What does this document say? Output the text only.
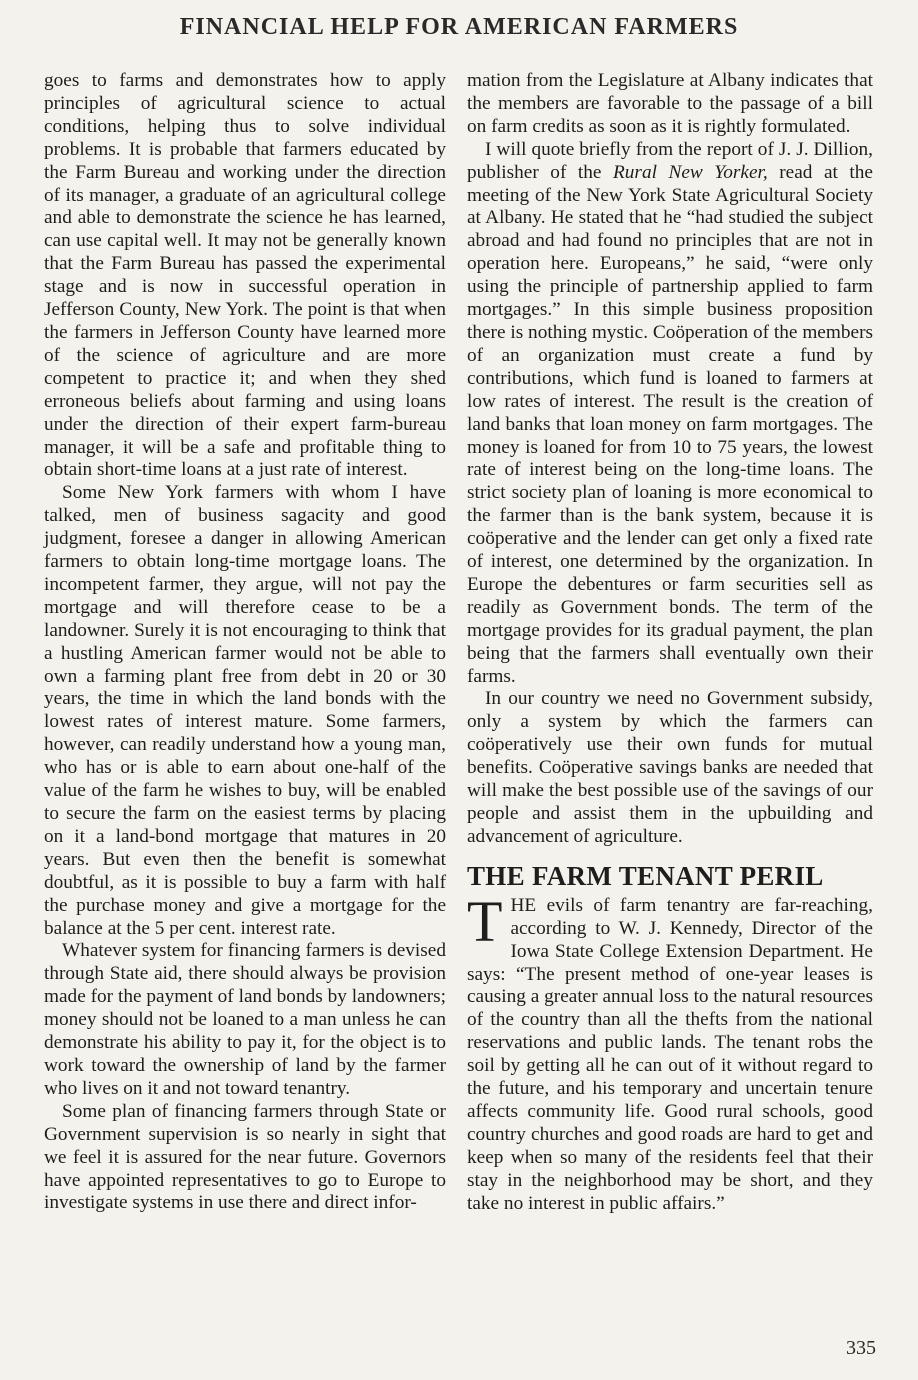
FINANCIAL HELP FOR AMERICAN FARMERS

goes to farms and demonstrates how to apply principles of agricultural science to actual conditions, helping thus to solve individual problems. It is probable that farmers educated by the Farm Bureau and working under the direction of its manager, a graduate of an agricultural college and able to demonstrate the science he has learned, can use capital well. It may not be generally known that the Farm Bureau has passed the experimental stage and is now in successful operation in Jefferson County, New York. The point is that when the farmers in Jefferson County have learned more of the science of agriculture and are more competent to practice it; and when they shed erroneous beliefs about farming and using loans under the direction of their expert farm-bureau manager, it will be a safe and profitable thing to obtain short-time loans at a just rate of interest.

Some New York farmers with whom I have talked, men of business sagacity and good judgment, foresee a danger in allowing American farmers to obtain long-time mortgage loans. The incompetent farmer, they argue, will not pay the mortgage and will therefore cease to be a landowner. Surely it is not encouraging to think that a hustling American farmer would not be able to own a farming plant free from debt in 20 or 30 years, the time in which the land bonds with the lowest rates of interest mature. Some farmers, however, can readily understand how a young man, who has or is able to earn about one-half of the value of the farm he wishes to buy, will be enabled to secure the farm on the easiest terms by placing on it a land-bond mortgage that matures in 20 years. But even then the benefit is somewhat doubtful, as it is possible to buy a farm with half the purchase money and give a mortgage for the balance at the 5 per cent. interest rate.

Whatever system for financing farmers is devised through State aid, there should always be provision made for the payment of land bonds by landowners; money should not be loaned to a man unless he can demonstrate his ability to pay it, for the object is to work toward the ownership of land by the farmer who lives on it and not toward tenantry.

Some plan of financing farmers through State or Government supervision is so nearly in sight that we feel it is assured for the near future. Governors have appointed representatives to go to Europe to investigate systems in use there and direct infor-

mation from the Legislature at Albany indicates that the members are favorable to the passage of a bill on farm credits as soon as it is rightly formulated.

I will quote briefly from the report of J. J. Dillion, publisher of the Rural New Yorker, read at the meeting of the New York State Agricultural Society at Albany. He stated that he “had studied the subject abroad and had found no principles that are not in operation here. Europeans,” he said, “were only using the principle of partnership applied to farm mortgages.” In this simple business proposition there is nothing mystic. Coöperation of the members of an organization must create a fund by contributions, which fund is loaned to farmers at low rates of interest. The result is the creation of land banks that loan money on farm mortgages. The money is loaned for from 10 to 75 years, the lowest rate of interest being on the long-time loans. The strict society plan of loaning is more economical to the farmer than is the bank system, because it is coöperative and the lender can get only a fixed rate of interest, one determined by the organization. In Europe the debentures or farm securities sell as readily as Government bonds. The term of the mortgage provides for its gradual payment, the plan being that the farmers shall eventually own their farms.

In our country we need no Government subsidy, only a system by which the farmers can coöperatively use their own funds for mutual benefits. Coöperative savings banks are needed that will make the best possible use of the savings of our people and assist them in the upbuilding and advancement of agriculture.

THE FARM TENANT PERIL

THE evils of farm tenantry are far-reaching, according to W. J. Kennedy, Director of the Iowa State College Extension Department. He says: “The present method of one-year leases is causing a greater annual loss to the natural resources of the country than all the thefts from the national reservations and public lands. The tenant robs the soil by getting all he can out of it without regard to the future, and his temporary and uncertain tenure affects community life. Good rural schools, good country churches and good roads are hard to get and keep when so many of the residents feel that their stay in the neighborhood may be short, and they take no interest in public affairs.”

335
